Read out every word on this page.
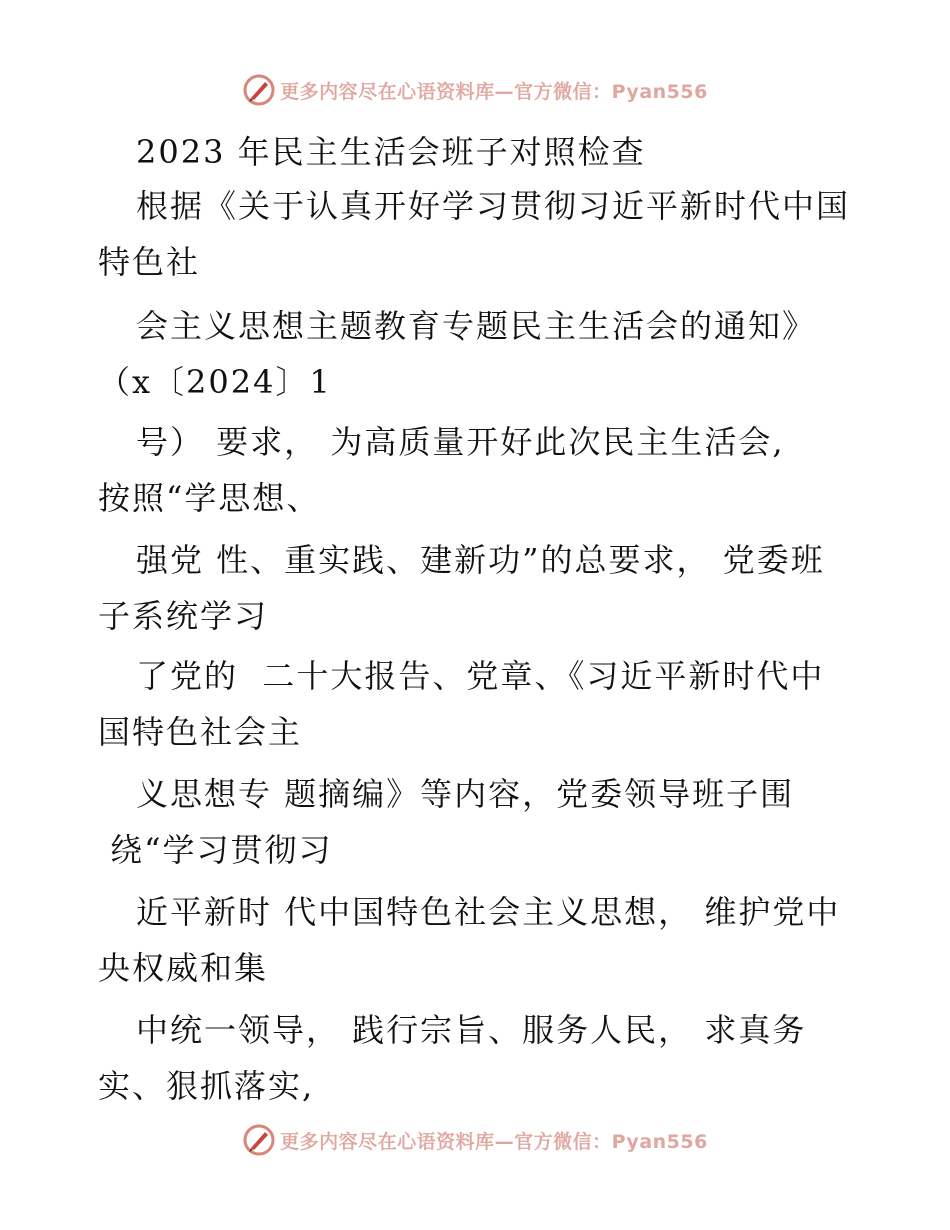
更多内容尽在心语资料库—官方微信：Pyan556
2023 年民主生活会班子对照检查
根据《关于认真开好学习贯彻习近平新时代中国
特色社
会主义思想主题教育专题民主生活会的通知》
（x〔2024〕1
号） 要求， 为高质量开好此次民主生活会,
按照“学思想、
强党 性、重实践、建新功”的总要求， 党委班
子系统学习
了党的  二十大报告、党章、《习近平新时代中
国特色社会主
义思想专 题摘编》等内容，党委领导班子围
绕“学习贯彻习
近平新时 代中国特色社会主义思想， 维护党中
央权威和集
中统一领导， 践行宗旨、服务人民， 求真务
实、狠抓落实,
更多内容尽在心语资料库—官方微信：Pyan556
